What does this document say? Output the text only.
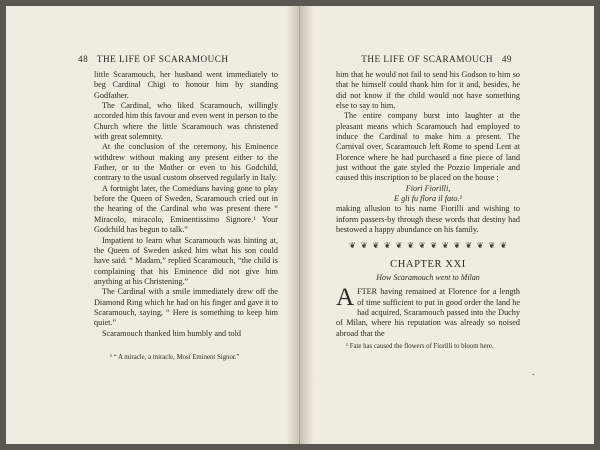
48 THE LIFE OF SCARAMOUCH

little Scaramouch, her husband went immediately to beg Cardinal Chigi to honour him by standing Godfather.

The Cardinal, who liked Scaramouch, willingly accorded him this favour and even went in person to the Church where the little Scaramouch was christened with great solemnity.

At the conclusion of the ceremony, his Eminence withdrew without making any present either to the Father, or to the Mother or even to his Godchild, contrary to the usual custom observed regularly in Italy.

A fortnight later, the Comedians having gone to play before the Queen of Sweden, Scaramouch cried out in the hearing of the Cardinal who was present there “ Miracolo, miracolo, Eminentissimo Signore.¹ Your Godchild has begun to talk.”

Impatient to learn what Scaramouch was hinting at, the Queen of Sweden asked him what his son could have said. “ Madam,” replied Scaramouch, “the child is complaining that his Eminence did not give him anything at his Christening.”

The Cardinal with a smile immediately drew off the Diamond Ring which he had on his finger and gave it to Scaramouch, saying, “ Here is something to keep him quiet.”

Scaramouch thanked him humbly and told

¹ “ A miracle, a miracle, Most Eminent Signor.”

THE LIFE OF SCARAMOUCH 49

him that he would not fail to send his Godson to him so that he himself could thank him for it and, besides, he did not know if the child would not have something else to say to him.

The entire company burst into laughter at the pleasant means which Scaramouch had employed to induce the Cardinal to make him a present. The Carnival over, Scaramouch left Rome to spend Lent at Florence where he had purchased a fine piece of land just without the gate styled the Pozzio Imperiale and caused this inscription to be placed on the house :

Fiori Fiorilli,

E gli fu flora il fato.¹

making allusion to his name Fiorilli and wishing to inform passers-by through these words that destiny had bestowed a happy abundance on his family.

❦ ❦ ❦ ❦ ❦ ❦ ❦ ❦ ❦ ❦ ❦ ❦ ❦ ❦
CHAPTER XXI
How Scaramouch went to Milan

AFTER having remained at Florence for a length of time sufficient to put in good order the land he had acquired, Scaramouch passed into the Duchy of Milan, where his reputation was already so noised abroad that the

¹ Fate has caused the flowers of Fiorilli to bloom here.

*
